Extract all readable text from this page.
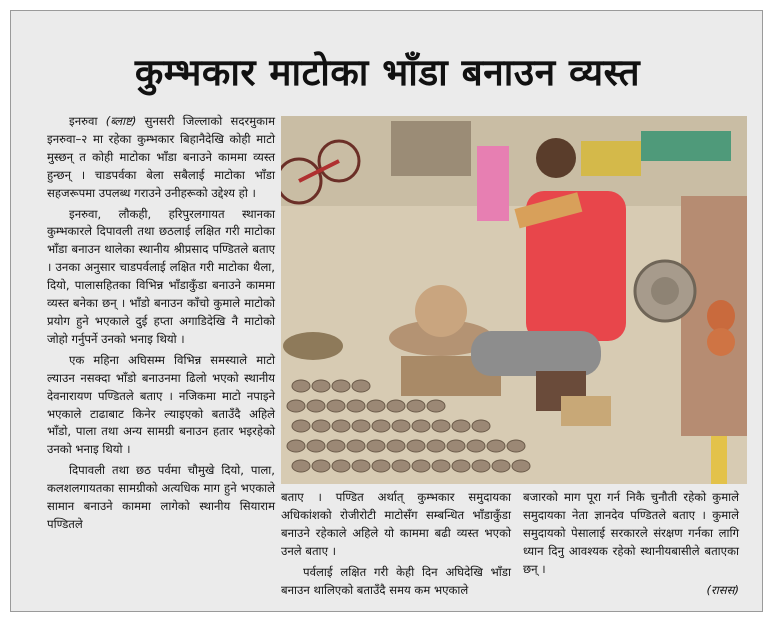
कुम्भकार माटोका भाँडा बनाउन व्यस्त

इनरुवा (ब्लाष्ट) सुनसरी जिल्लाको सदरमुकाम इनरुवा–२ मा रहेका कुम्भकार बिहानैदेखि कोही माटो मुस्छन् त कोही माटोका भाँडा बनाउने काममा व्यस्त हुन्छन् । चाडपर्वका बेला सबैलाई माटोका भाँडा सहजरूपमा उपलब्ध गराउने उनीहरूको उद्देश्य हो ।

इनरुवा, लौकही, हरिपुरलगायत स्थानका कुम्भकारले दिपावली तथा छठलाई लक्षित गरी माटोका भाँडा बनाउन थालेका स्थानीय श्रीप्रसाद पण्डितले बताए । उनका अनुसार चाडपर्वलाई लक्षित गरी माटोका थैला, दियो, पालासहितका विभिन्न भाँडाकुँडा बनाउने काममा व्यस्त बनेका छन् । भाँडो बनाउन काँचो कुमाले माटोको प्रयोग हुने भएकाले दुई हप्ता अगाडिदेखि नै माटोको जोहो गर्नुपर्ने उनको भनाइ थियो ।

एक महिना अघिसम्म विभिन्न समस्याले माटो ल्याउन नसक्दा भाँडो बनाउनमा ढिलो भएको स्थानीय देवनारायण पण्डितले बताए । नजिकमा माटो नपाइने भएकाले टाढाबाट किनेर ल्याइएको बताउँदै अहिले भाँडो, पाला तथा अन्य सामग्री बनाउन हतार भइरहेको उनको भनाइ थियो ।

दिपावली तथा छठ पर्वमा चौमुखे दियो, पाला, कलशलगायतका सामग्रीको अत्यधिक माग हुने भएकाले सामान बनाउने काममा लागेको स्थानीय सियाराम पण्डितले

बताए । पण्डित अर्थात् कुम्भकार समुदायका अधिकांशको रोजीरोटी माटोसँग सम्बन्धित भाँडाकुँडा बनाउने रहेकाले अहिले यो काममा बढी व्यस्त भएको उनले बताए ।

पर्वलाई लक्षित गरी केही दिन अघिदेखि भाँडा बनाउन थालिएको बताउँदै समय कम भएकाले

बजारको माग पूरा गर्न निकै चुनौती रहेको कुमाले समुदायका नेता ज्ञानदेव पण्डितले बताए । कुमाले समुदायको पेसालाई सरकारले संरक्षण गर्नका लागि ध्यान दिनु आवश्यक रहेको स्थानीयबासीले बताएका छन् ।

(रासस)
